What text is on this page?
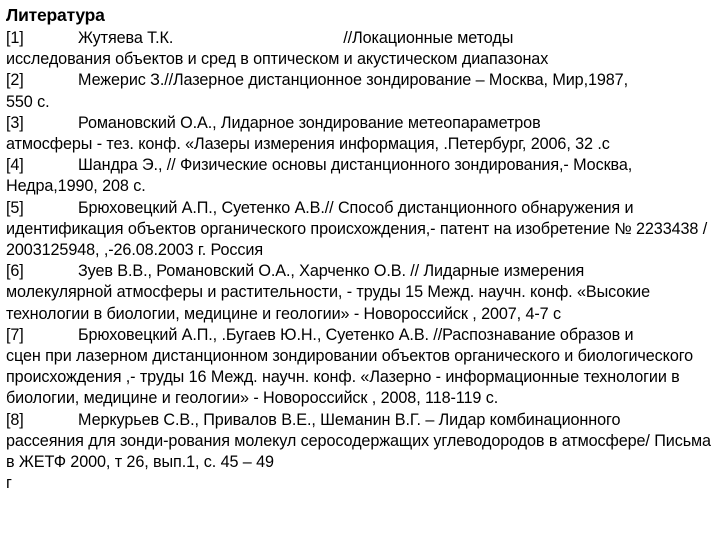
Литература
[1]	Жутяева Т.К.	//Локационные методы
исследования объектов и сред в оптическом и акустическом диапазонах
[2]	Межерис З.//Лазерное дистанционное зондирование – Москва, Мир,1987,
550 с.
[3]	Романовский О.А., Лидарное зондирование метеопараметров
атмосферы - тез. конф. «Лазеры измерения информация, .Петербург, 2006, 32 .с
[4]	Шандра Э., // Физические основы дистанционного зондирования,- Москва,
Недра,1990, 208 с.
[5]	Брюховецкий А.П., Суетенко А.В.// Способ дистанционного обнаружения и
идентификация объектов органического происхождения,- патент на изобретение № 2233438 / 2003125948, ,-26.08.2003 г. Россия
[6]	Зуев В.В., Романовский О.А., Харченко О.В. // Лидарные измерения
молекулярной атмосферы и растительности, - труды 15 Межд. научн. конф. «Высокие технологии в биологии, медицине и геологии» - Новороссийск , 2007, 4-7 с
[7]	Брюховецкий А.П., .Бугаев Ю.Н., Суетенко А.В. //Распознавание образов и
сцен при лазерном дистанционном зондировании объектов органического и биологического происхождения ,- труды 16 Межд. научн. конф. «Лазерно - информационные технологии в биологии, медицине и геологии» - Новороссийск , 2008, 118-119 с.
[8]	Меркурьев С.В., Привалов В.Е., Шеманин В.Г. – Лидар комбинационного
рассеяния для зонди-рования молекул серосодержащих углеводородов в атмосфере/ Письма в ЖЕТФ 2000, т 26, вып.1, с. 45 – 49
г
